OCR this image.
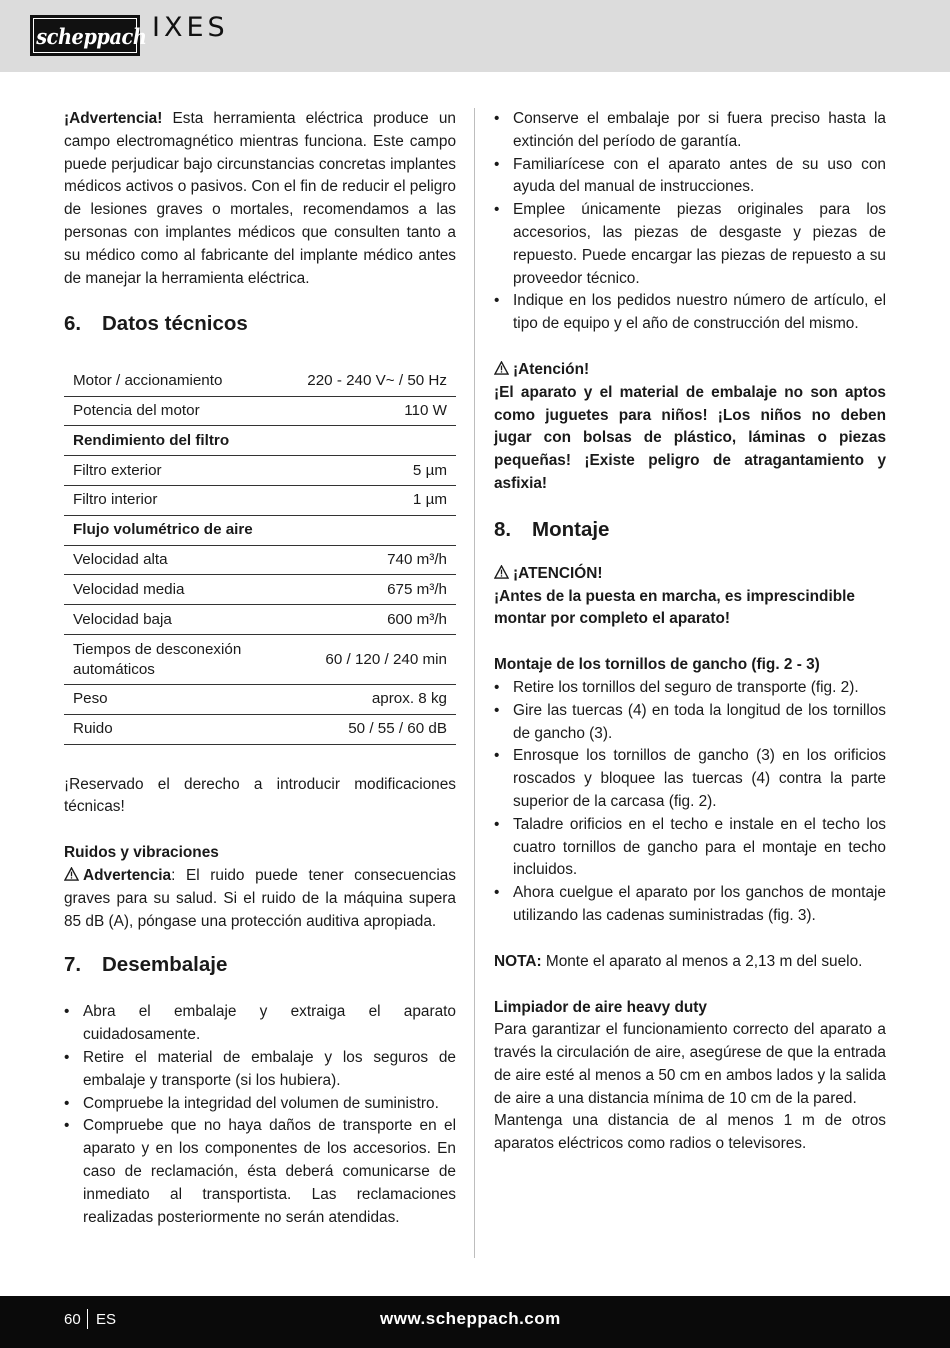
scheppach IXES

¡Advertencia! Esta herramienta eléctrica produce un campo electromagnético mientras funciona. Este campo puede perjudicar bajo circunstancias concretas implantes médicos activos o pasivos. Con el fin de reducir el peligro de lesiones graves o mortales, recomendamos a las personas con implantes médicos que consulten tanto a su médico como al fabricante del implante médico antes de manejar la herramienta eléctrica.

6.	Datos técnicos
Motor / accionamiento	220 - 240 V~ / 50 Hz
Potencia del motor	110 W
Rendimiento del filtro	
Filtro exterior	5 µm
Filtro interior	1 µm
Flujo volumétrico de aire	
Velocidad alta	740 m³/h
Velocidad media	675 m³/h
Velocidad baja	600 m³/h
Tiempos de desconexión automáticos	60 / 120 / 240 min
Peso	aprox. 8 kg
Ruido	50 / 55 / 60 dB

¡Reservado el derecho a introducir modificaciones técnicas!

Ruidos y vibraciones

Advertencia: El ruido puede tener consecuencias graves para su salud. Si el ruido de la máquina supera 85 dB (A), póngase una protección auditiva apropiada.

7.	Desembalaje
• Abra el embalaje y extraiga el aparato cuidadosamente.
• Retire el material de embalaje y los seguros de embalaje y transporte (si los hubiera).
• Compruebe la integridad del volumen de suministro.
• Compruebe que no haya daños de transporte en el aparato y en los componentes de los accesorios. En caso de reclamación, ésta deberá comunicarse de inmediato al transportista. Las reclamaciones realizadas posteriormente no serán atendidas.
• Conserve el embalaje por si fuera preciso hasta la extinción del período de garantía.
• Familiarícese con el aparato antes de su uso con ayuda del manual de instrucciones.
• Emplee únicamente piezas originales para los accesorios, las piezas de desgaste y piezas de repuesto. Puede encargar las piezas de repuesto a su proveedor técnico.
• Indique en los pedidos nuestro número de artículo, el tipo de equipo y el año de construcción del mismo.
¡Atención!

¡El aparato y el material de embalaje no son aptos como juguetes para niños! ¡Los niños no deben jugar con bolsas de plástico, láminas o piezas pequeñas! ¡Existe peligro de atragantamiento y asfixia!

8.	Montaje
¡ATENCIÓN!

¡Antes de la puesta en marcha, es imprescindible montar por completo el aparato!

Montaje de los tornillos de gancho (fig. 2 - 3)
• Retire los tornillos del seguro de transporte (fig. 2).
• Gire las tuercas (4) en toda la longitud de los tornillos de gancho (3).
• Enrosque los tornillos de gancho (3) en los orificios roscados y bloquee las tuercas (4) contra la parte superior de la carcasa (fig. 2).
• Taladre orificios en el techo e instale en el techo los cuatro tornillos de gancho para el montaje en techo incluidos.
• Ahora cuelgue el aparato por los ganchos de montaje utilizando las cadenas suministradas (fig. 3).

NOTA: Monte el aparato al menos a 2,13 m del suelo.

Limpiador de aire heavy duty

Para garantizar el funcionamiento correcto del aparato a través la circulación de aire, asegúrese de que la entrada de aire esté al menos a 50 cm en ambos lados y la salida de aire a una distancia mínima de 10 cm de la pared.

Mantenga una distancia de al menos 1 m de otros aparatos eléctricos como radios o televisores.

60 ES	www.scheppach.com
